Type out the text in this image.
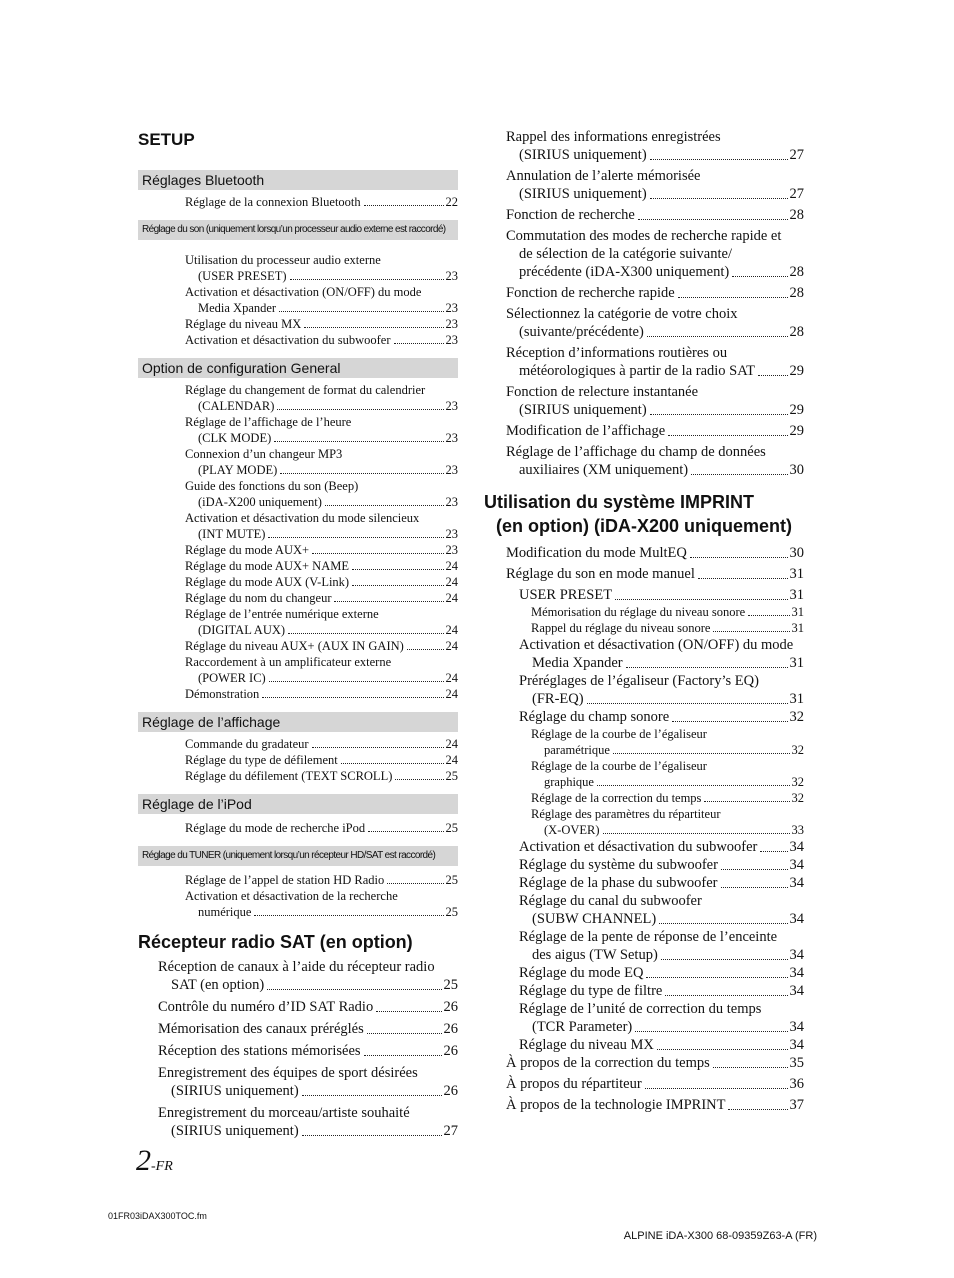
SETUP
Réglages Bluetooth
Réglage de la connexion Bluetooth	22
Réglage du son (uniquement lorsqu’un processeur audio externe est raccordé)
Utilisation du processeur audio externe
(USER PRESET)	23
Activation et désactivation (ON/OFF) du mode
Media Xpander	23
Réglage du niveau MX	23
Activation et désactivation du subwoofer	23
Option de configuration General
Réglage du changement de format du calendrier
(CALENDAR)	23
Réglage de l’affichage de l’heure
(CLK MODE)	23
Connexion d’un changeur MP3
(PLAY MODE)	23
Guide des fonctions du son (Beep)
(iDA-X200 uniquement)	23
Activation et désactivation du mode silencieux
(INT MUTE)	23
Réglage du mode AUX+	23
Réglage du mode AUX+ NAME	24
Réglage du mode AUX (V-Link)	24
Réglage du nom du changeur	24
Réglage de l’entrée numérique externe
(DIGITAL AUX)	24
Réglage du niveau AUX+ (AUX IN GAIN)	24
Raccordement à un amplificateur externe
(POWER IC)	24
Démonstration	24
Réglage de l’affichage
Commande du gradateur	24
Réglage du type de défilement	24
Réglage du défilement (TEXT SCROLL)	25
Réglage de l’iPod
Réglage du mode de recherche iPod	25
Réglage du TUNER (uniquement lorsqu’un récepteur HD/SAT est raccordé)
Réglage de l’appel de station HD Radio	25
Activation et désactivation de la recherche
numérique	25
Récepteur radio SAT (en option)
Réception de canaux à l’aide du récepteur radio
SAT (en option)	25
Contrôle du numéro d’ID SAT Radio	26
Mémorisation des canaux préréglés	26
Réception des stations mémorisées	26
Enregistrement des équipes de sport désirées
(SIRIUS uniquement)	26
Enregistrement du morceau/artiste souhaité
(SIRIUS uniquement)	27
2-FR
Rappel des informations enregistrées
(SIRIUS uniquement)	27
Annulation de l’alerte mémorisée
(SIRIUS uniquement)	27
Fonction de recherche	28
Commutation des modes de recherche rapide et
de sélection de la catégorie suivante/
précédente (iDA-X300 uniquement)	28
Fonction de recherche rapide	28
Sélectionnez la catégorie de votre choix
(suivante/précédente)	28
Réception d’informations routières ou
météorologiques à partir de la radio SAT 29
Fonction de relecture instantanée
(SIRIUS uniquement)	29
Modification de l’affichage	29
Réglage de l’affichage du champ de données
auxiliaires (XM uniquement)	30
Utilisation du système IMPRINT
(en option) (iDA-X200 uniquement)
Modification du mode MultEQ	30
Réglage du son en mode manuel	31
USER PRESET	31
Mémorisation du réglage du niveau sonore	31
Rappel du réglage du niveau sonore	31
Activation et désactivation (ON/OFF) du mode
Media Xpander	31
Préréglages de l’égaliseur (Factory’s EQ)
(FR-EQ)	31
Réglage du champ sonore	32
Réglage de la courbe de l’égaliseur
paramétrique	32
Réglage de la courbe de l’égaliseur
graphique	32
Réglage de la correction du temps	32
Réglage des paramètres du répartiteur
(X-OVER)	33
Activation et désactivation du subwoofer 34
Réglage du système du subwoofer	34
Réglage de la phase du subwoofer	34
Réglage du canal du subwoofer
(SUBW CHANNEL)	34
Réglage de la pente de réponse de l’enceinte
des aigus (TW Setup)	34
Réglage du mode EQ	34
Réglage du type de filtre	34
Réglage de l’unité de correction du temps
(TCR Parameter)	34
Réglage du niveau MX	34
À propos de la correction du temps	35
À propos du répartiteur	36
À propos de la technologie IMPRINT	37
01FR03iDAX300TOC.fm
ALPINE iDA-X300 68-09359Z63-A (FR)
